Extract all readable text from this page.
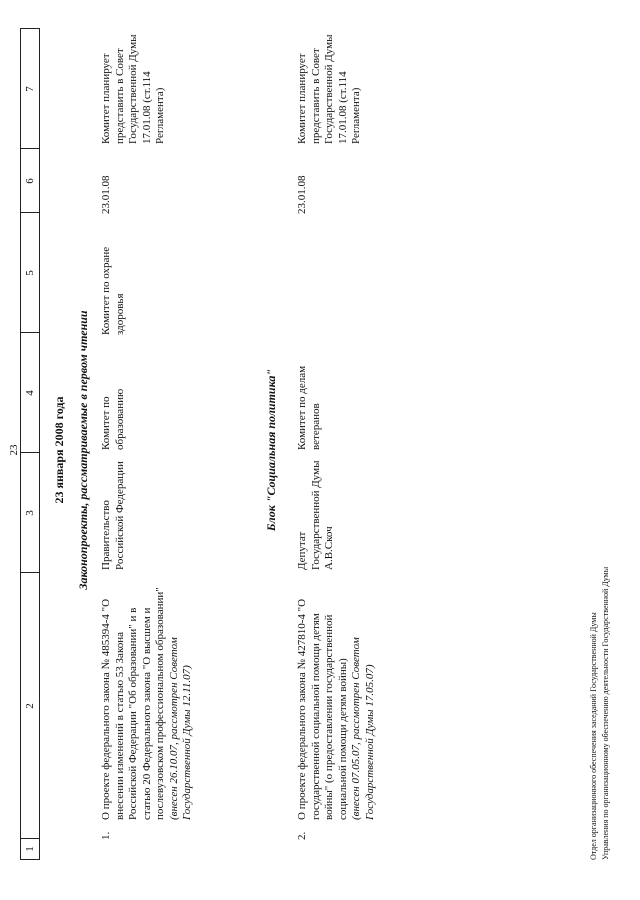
23
1
2
3
4
5
6
7
23 января 2008 года Законопроекты, рассматриваемые в первом чтении
1.
О проекте федерального закона № 485394-4 "О внесении изменений в статью 53 Закона Российской Федерации "Об образовании" и в статью 20 Федерального закона "О высшем и послевузовском профессиональном образовании" (внесен 26.10.07, рассмотрен Советом Государственной Думы 12.11.07)
Правительство Российской Федерации
Комитет по образованию
Комитет по охране здоровья
23.01.08
Комитет планирует представить в Совет Государственной Думы 17.01.08 (ст.114 Регламента)
Блок "Социальная политика"
2.
О проекте федерального закона № 427810-4 "О государственной социальной помощи детям войны" (о предоставлении государственной социальной помощи детям войны) (внесен 07.05.07, рассмотрен Советом Государственной Думы 17.05.07)
Депутат Государственной Думы А.В.Скоч
Комитет по делам ветеранов
23.01.08
Комитет планирует представить в Совет Государственной Думы 17.01.08 (ст.114 Регламента)
Отдел организационного обеспечения заседаний Государственной Думы Управления по организационному обеспечению деятельности Государственной Думы
